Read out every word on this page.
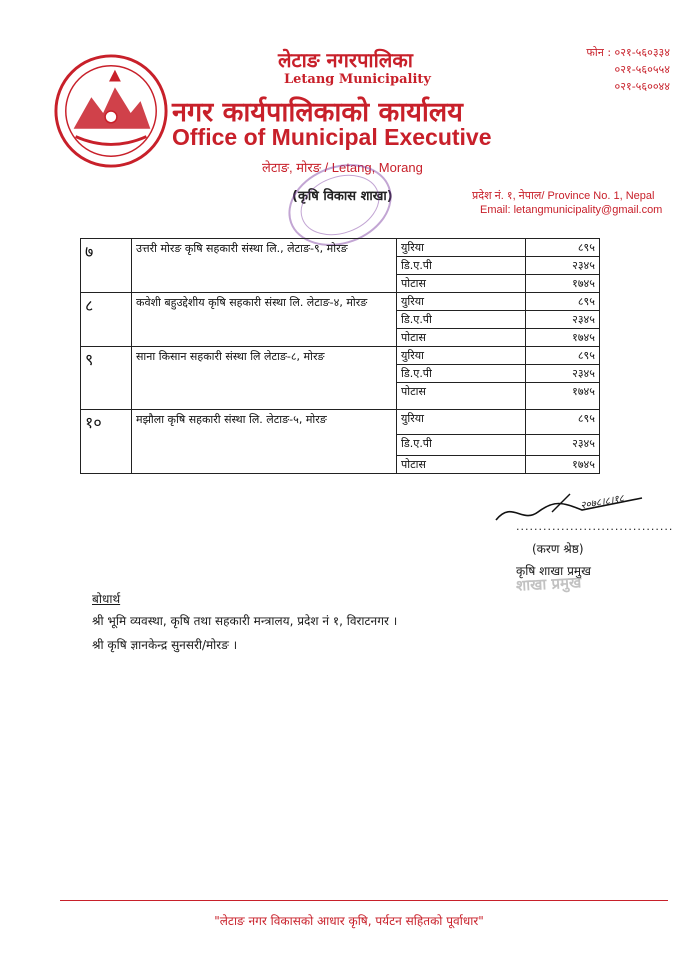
लेटाङ नगरपालिका
Letang Municipality
नगर कार्यपालिकाको कार्यालय
Office of Municipal Executive
लेटाङ, मोरङ / Letang, Morang
(कृषि विकास शाखा)
फोन : ०२१-५६०३३४
०२१-५६०५५४
०२१-५६००४४
प्रदेश नं. १, नेपाल/ Province No. 1, Nepal
Email: letangmunicipality@gmail.com
७	उत्तरी मोरङ कृषि सहकारी संस्था लि., लेटाङ-९, मोरङ	युरिया	८९५
		डि.ए.पी	२३४५
		पोटास	१७४५
८	कवेशी बहुउद्देशीय कृषि सहकारी संस्था लि. लेटाङ-४, मोरङ	युरिया	८९५
		डि.ए.पी	२३४५
		पोटास	१७४५
९	साना किसान सहकारी संस्था लि लेटाङ-८, मोरङ	युरिया	८९५
		डि.ए.पी	२३४५
		पोटास	१७४५
१०	मझौला कृषि सहकारी संस्था लि. लेटाङ-५, मोरङ	युरिया	८९५
		डि.ए.पी	२३४५
		पोटास	१७४५
२०७८।८।१८
...................................
(करण श्रेष्ठ)
कृषि शाखा प्रमुख
शाखा प्रमुख
बोधार्थ
श्री भूमि व्यवस्था, कृषि तथा सहकारी मन्त्रालय, प्रदेश नं १, विराटनगर ।
श्री कृषि ज्ञानकेन्द्र सुनसरी/मोरङ ।
"लेटाङ नगर विकासको आधार कृषि, पर्यटन सहितको पूर्वाधार"
